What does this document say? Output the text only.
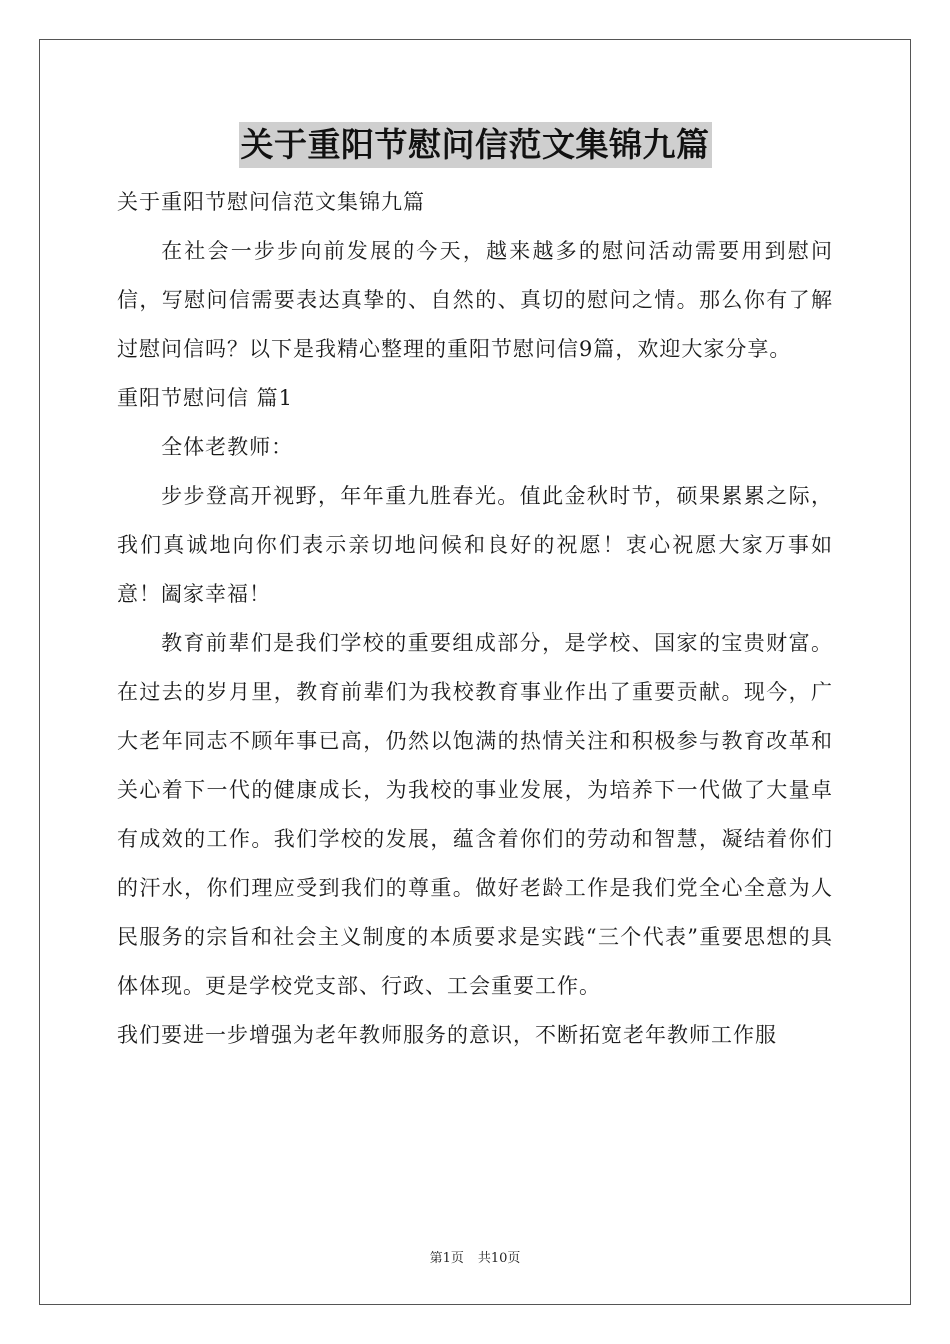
关于重阳节慰问信范文集锦九篇

关于重阳节慰问信范文集锦九篇

在社会一步步向前发展的今天，越来越多的慰问活动需要用到慰问信，写慰问信需要表达真挚的、自然的、真切的慰问之情。那么你有了解过慰问信吗？以下是我精心整理的重阳节慰问信9篇，欢迎大家分享。

重阳节慰问信 篇1

全体老教师：

步步登高开视野，年年重九胜春光。值此金秋时节，硕果累累之际，我们真诚地向你们表示亲切地问候和良好的祝愿！衷心祝愿大家万事如意！阖家幸福！

教育前辈们是我们学校的重要组成部分，是学校、国家的宝贵财富。在过去的岁月里，教育前辈们为我校教育事业作出了重要贡献。现今，广大老年同志不顾年事已高，仍然以饱满的热情关注和积极参与教育改革和关心着下一代的健康成长，为我校的事业发展，为培养下一代做了大量卓有成效的工作。我们学校的发展，蕴含着你们的劳动和智慧，凝结着你们的汗水，你们理应受到我们的尊重。做好老龄工作是我们党全心全意为人民服务的宗旨和社会主义制度的本质要求是实践“三个代表”重要思想的具体体现。更是学校党支部、行政、工会重要工作。

我们要进一步增强为老年教师服务的意识，不断拓宽老年教师工作服

第1页 共10页
